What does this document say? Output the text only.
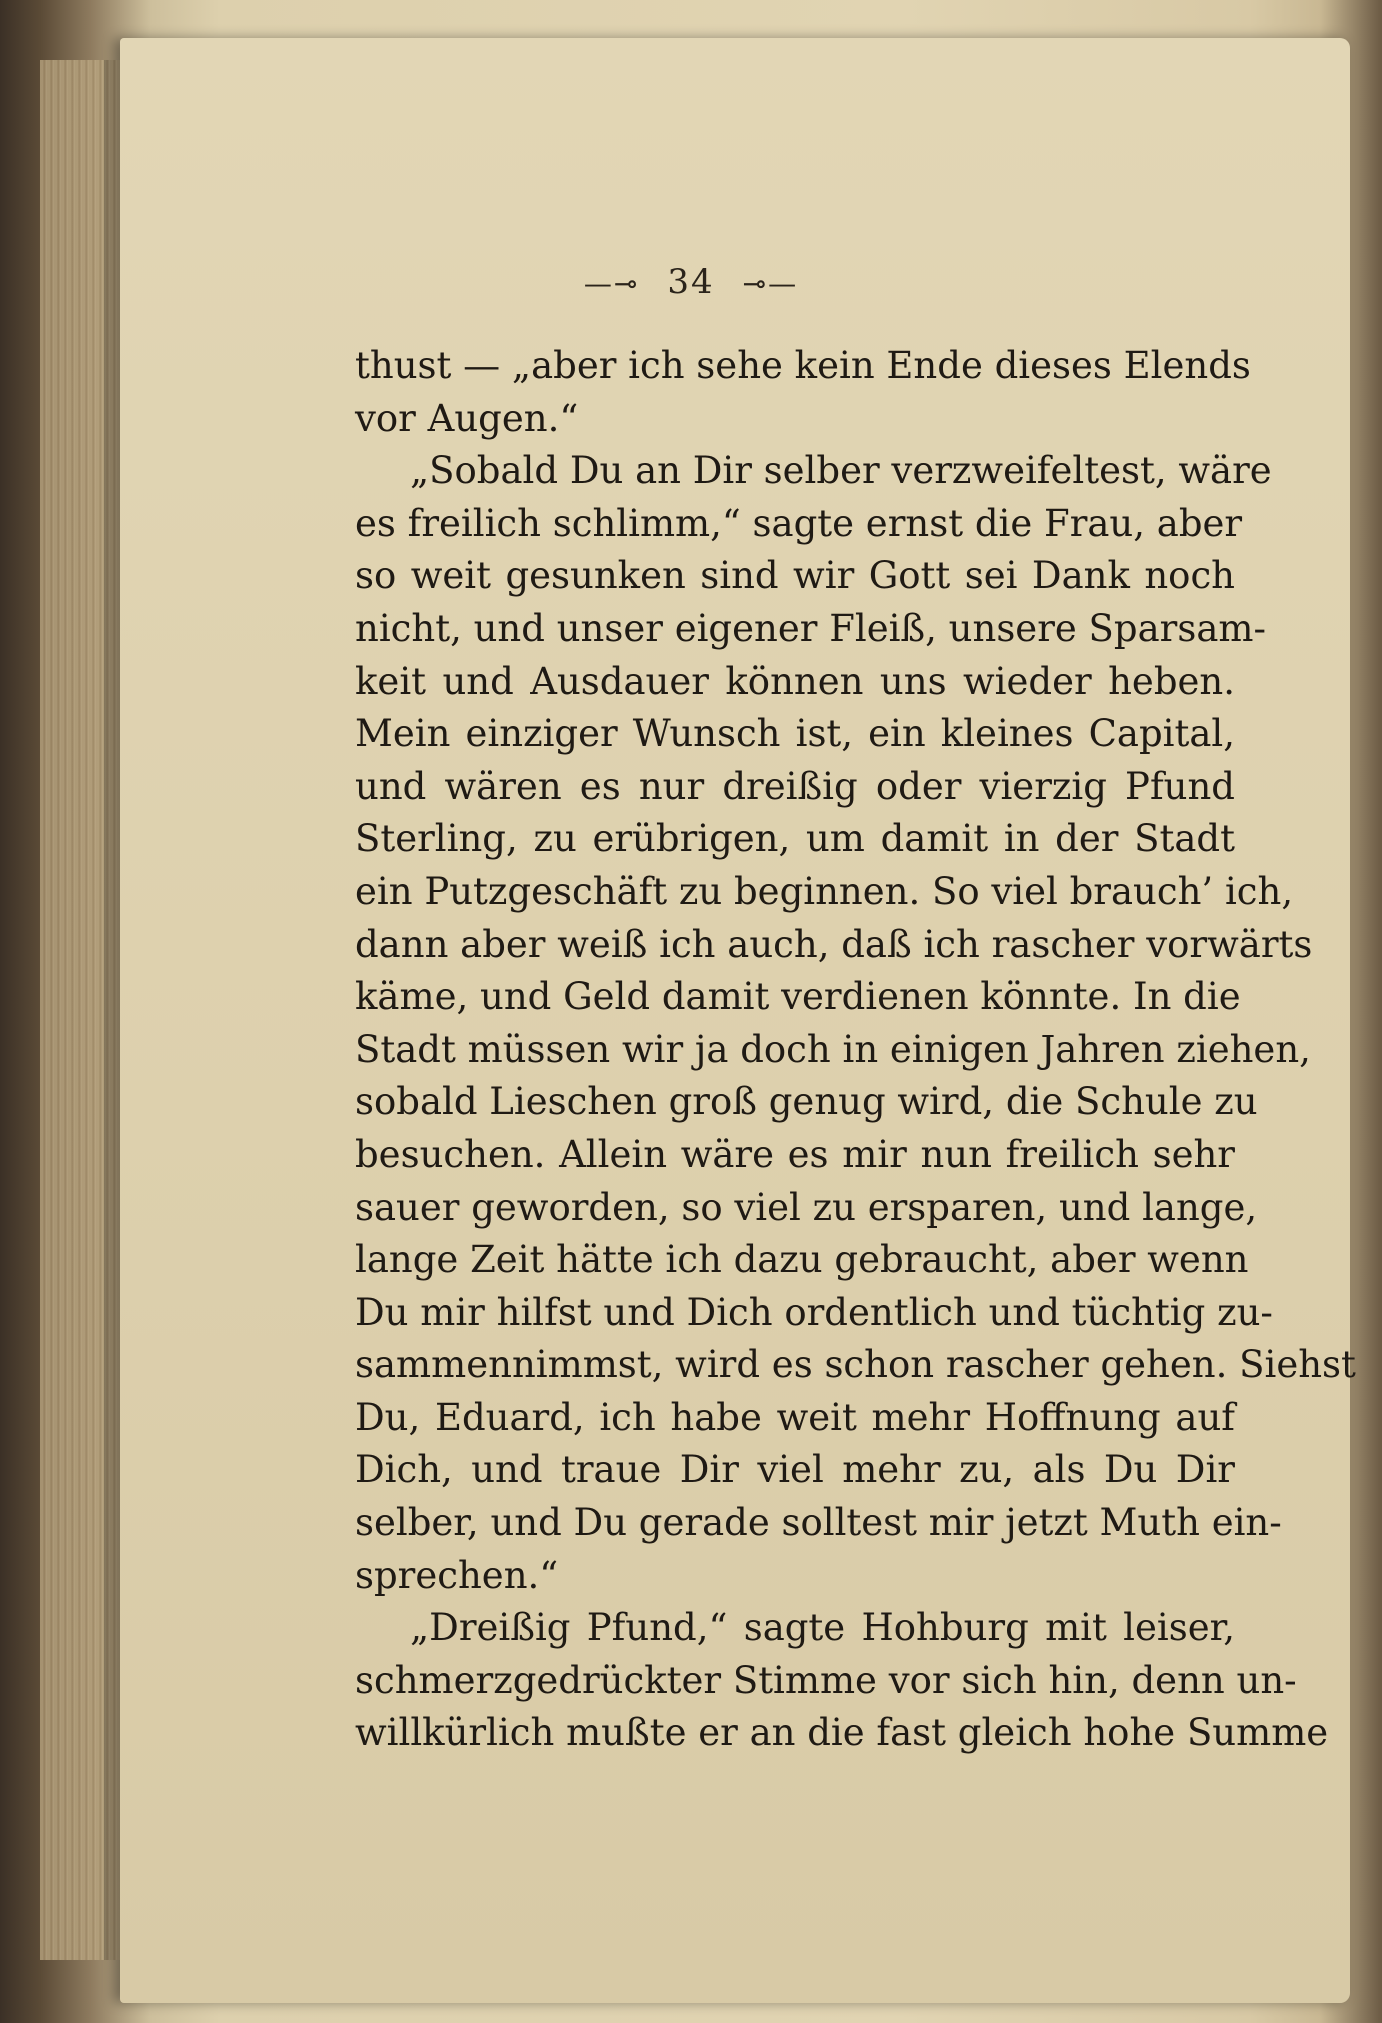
—⊸ 34 ⊸—
thust — „aber ich sehe kein Ende dieses Elends
vor Augen.“
„Sobald Du an Dir selber verzweifeltest, wäre
es freilich schlimm,“ sagte ernst die Frau, aber
so weit gesunken sind wir Gott sei Dank noch
nicht, und unser eigener Fleiß, unsere Sparsam-
keit und Ausdauer können uns wieder heben.
Mein einziger Wunsch ist, ein kleines Capital,
und wären es nur dreißig oder vierzig Pfund
Sterling, zu erübrigen, um damit in der Stadt
ein Putzgeschäft zu beginnen. So viel brauch’ ich,
dann aber weiß ich auch, daß ich rascher vorwärts
käme, und Geld damit verdienen könnte. In die
Stadt müssen wir ja doch in einigen Jahren ziehen,
sobald Lieschen groß genug wird, die Schule zu
besuchen. Allein wäre es mir nun freilich sehr
sauer geworden, so viel zu ersparen, und lange,
lange Zeit hätte ich dazu gebraucht, aber wenn
Du mir hilfst und Dich ordentlich und tüchtig zu-
sammennimmst, wird es schon rascher gehen. Siehst
Du, Eduard, ich habe weit mehr Hoffnung auf
Dich, und traue Dir viel mehr zu, als Du Dir
selber, und Du gerade solltest mir jetzt Muth ein-
sprechen.“
„Dreißig Pfund,“ sagte Hohburg mit leiser,
schmerzgedrückter Stimme vor sich hin, denn un-
willkürlich mußte er an die fast gleich hohe Summe
